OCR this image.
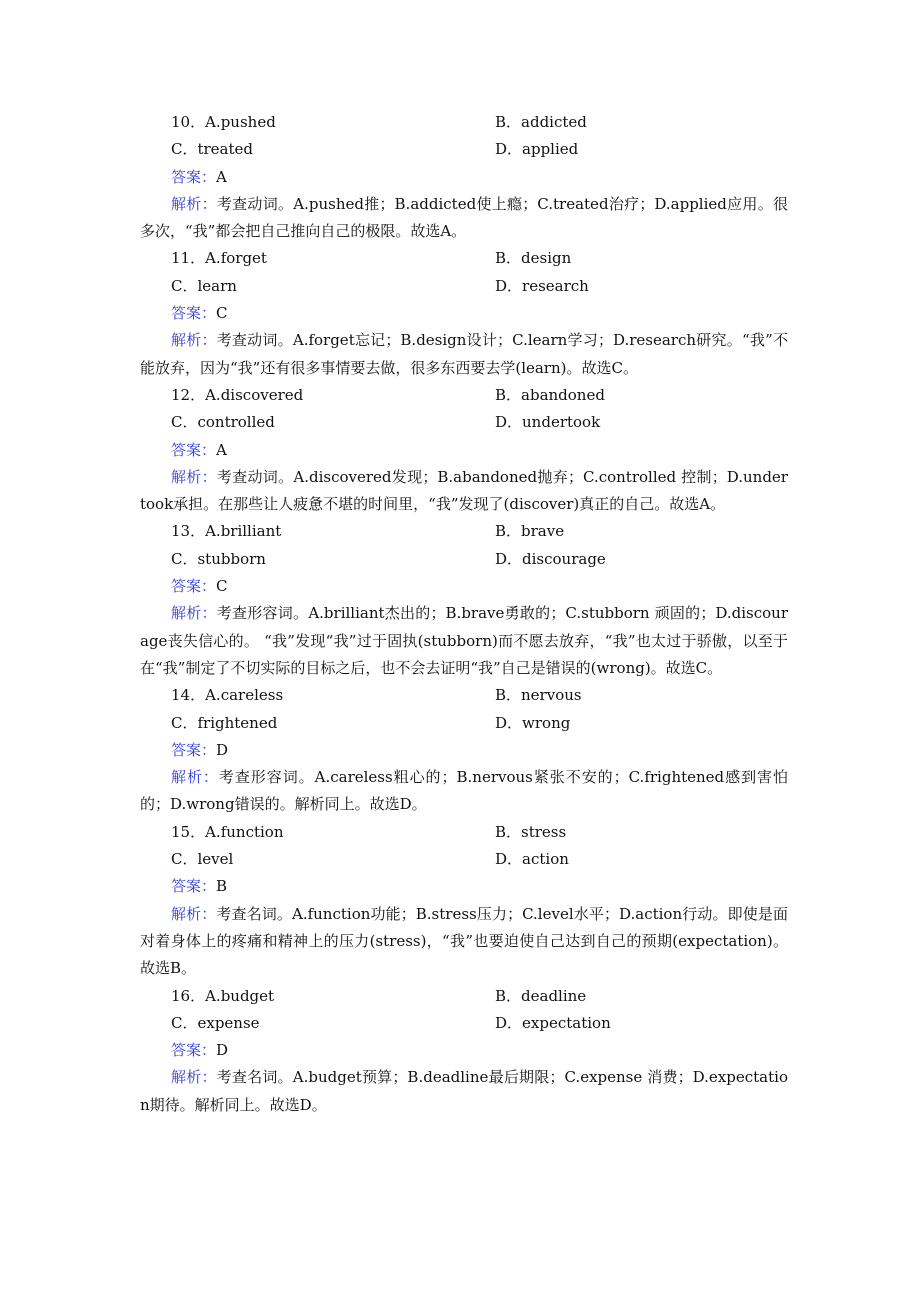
10．A.pushed	B．addicted
C．treated	D．applied
答案：A

解析：考查动词。A.pushed推；B.addicted使上瘾；C.treated治疗；D.applied应用。很多次，“我”都会把自己推向自己的极限。故选A。

11．A.forget	B．design
C．learn	D．research
答案：C

解析：考查动词。A.forget忘记；B.design设计；C.learn学习；D.research研究。“我”不能放弃，因为“我”还有很多事情要去做，很多东西要去学(learn)。故选C。

12．A.discovered	B．abandoned
C．controlled	D．undertook
答案：A

解析：考查动词。A.discovered发现；B.abandoned抛弃；C.controlled 控制；D.undertook承担。在那些让人疲惫不堪的时间里，“我”发现了(discover)真正的自己。故选A。

13．A.brilliant	B．brave
C．stubborn	D．discourage
答案：C

解析：考查形容词。A.brilliant杰出的；B.brave勇敢的；C.stubborn 顽固的；D.discourage丧失信心的。 “我”发现“我”过于固执(stubborn)而不愿去放弃，“我”也太过于骄傲，以至于在“我”制定了不切实际的目标之后，也不会去证明“我”自己是错误的(wrong)。故选C。

14．A.careless	B．nervous
C．frightened	D．wrong
答案：D

解析：考查形容词。A.careless粗心的；B.nervous紧张不安的；C.frightened感到害怕的；D.wrong错误的。解析同上。故选D。

15．A.function	B．stress
C．level	D．action
答案：B

解析：考查名词。A.function功能；B.stress压力；C.level水平；D.action行动。即使是面对着身体上的疼痛和精神上的压力(stress)，“我”也要迫使自己达到自己的预期(expectation)。故选B。

16．A.budget	B．deadline
C．expense	D．expectation
答案：D

解析：考查名词。A.budget预算；B.deadline最后期限；C.expense 消费；D.expectation期待。解析同上。故选D。
